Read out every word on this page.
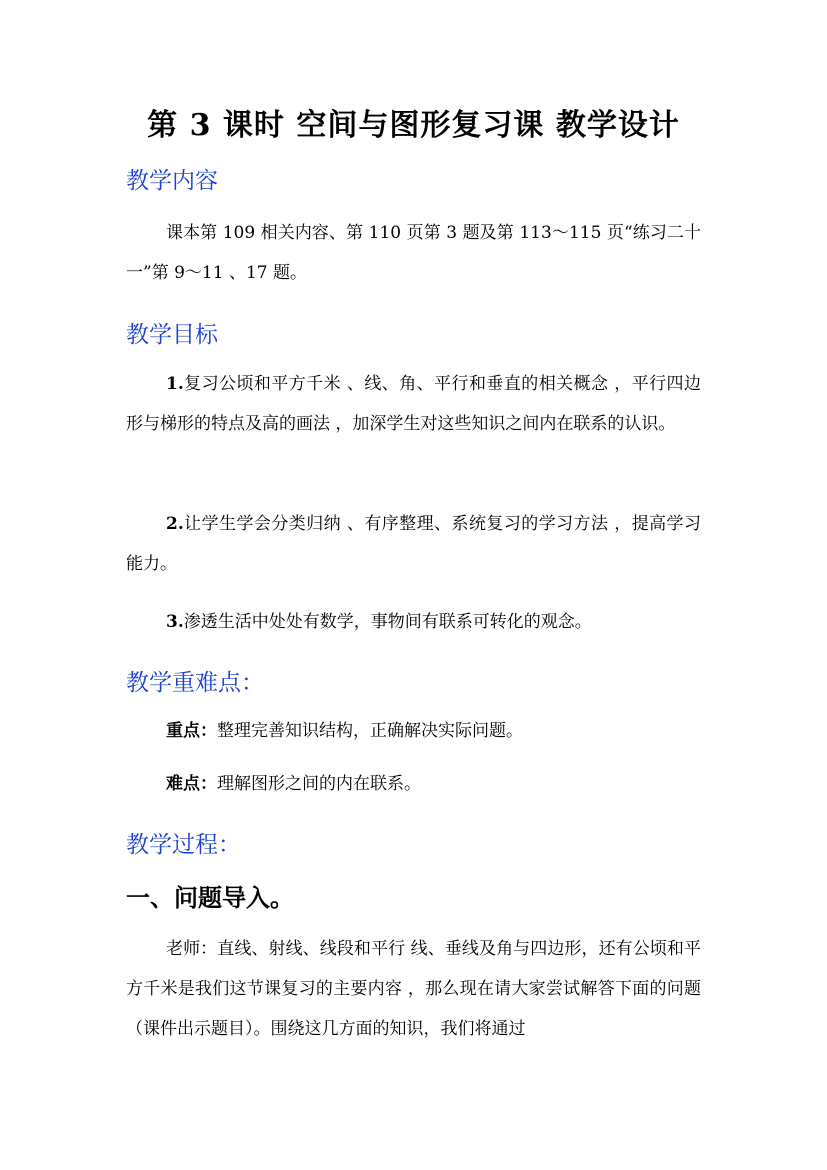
第 3 课时 空间与图形复习课 教学设计
教学内容
课本第 109 相关内容、第 110 页第 3 题及第 113～115 页“练习二十一”第 9～11 、17 题。
教学目标
1.复习公顷和平方千米 、线、角、平行和垂直的相关概念 ，平行四边形与梯形的特点及高的画法 ，加深学生对这些知识之间内在联系的认识。
2.让学生学会分类归纳 、有序整理、系统复习的学习方法 ，提高学习能力。
3.渗透生活中处处有数学，事物间有联系可转化的观念。
教学重难点：
重点：整理完善知识结构，正确解决实际问题。
难点：理解图形之间的内在联系。
教学过程：
一、问题导入。
老师：直线、射线、线段和平行 线、垂线及角与四边形，还有公顷和平方千米是我们这节课复习的主要内容 ，那么现在请大家尝试解答下面的问题（课件出示题目）。围绕这几方面的知识，我们将通过
